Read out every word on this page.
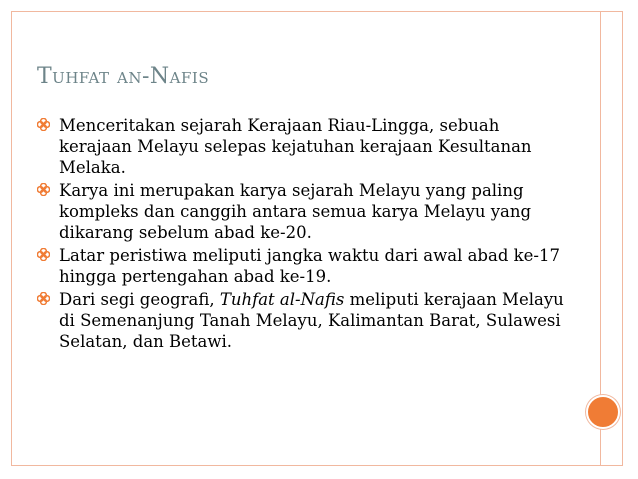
Tuhfat an-Nafis
Menceritakan sejarah Kerajaan Riau-Lingga, sebuah kerajaan Melayu selepas kejatuhan kerajaan Kesultanan Melaka.
Karya ini merupakan karya sejarah Melayu yang paling kompleks dan canggih antara semua karya Melayu yang dikarang sebelum abad ke-20.
Latar peristiwa meliputi jangka waktu dari awal abad ke-17 hingga pertengahan abad ke-19.
Dari segi geografi, Tuhfat al-Nafis meliputi kerajaan Melayu di Semenanjung Tanah Melayu, Kalimantan Barat, Sulawesi Selatan, dan Betawi.
